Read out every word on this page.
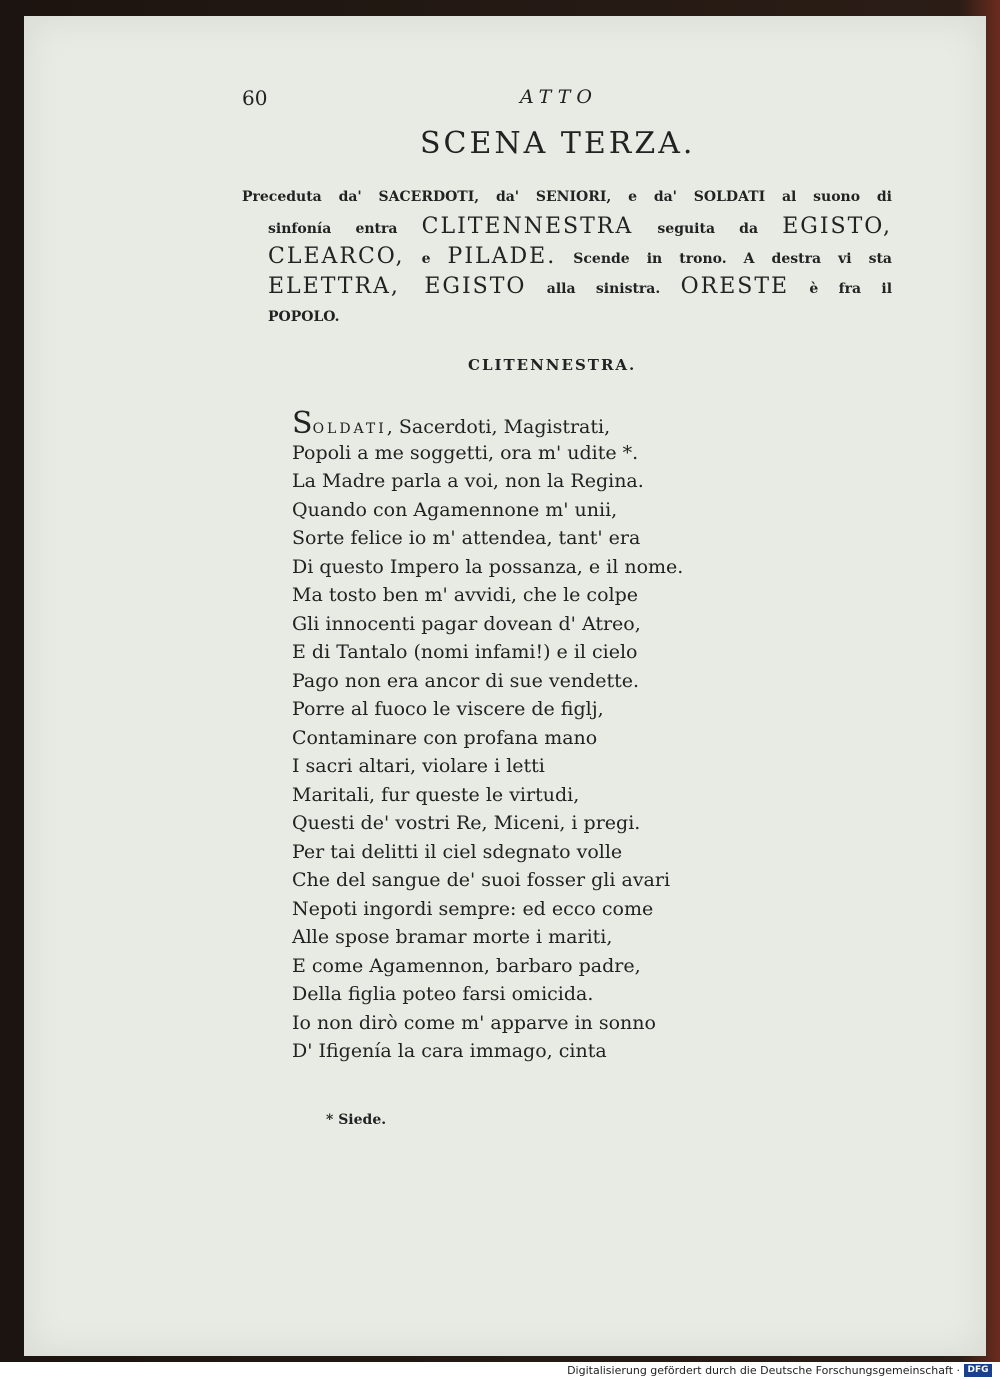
60	ATTO
SCENA TERZA.
Preceduta da' SACERDOTI, da' SENIORI, e da' SOLDATI al suono di
sinfonía entra CLITENNESTRA seguita da EGISTO,
CLEARCO, e PILADE. Scende in trono. A destra vi sta
ELETTRA, EGISTO alla sinistra. ORESTE è fra il
POPOLO.
CLITENNESTRA.
SOLDATI, Sacerdoti, Magistrati,
Popoli a me soggetti, ora m' udite *.
La Madre parla a voi, non la Regina.
Quando con Agamennone m' unii,
Sorte felice io m' attendea, tant' era
Di questo Impero la possanza, e il nome.
Ma tosto ben m' avvidi, che le colpe
Gli innocenti pagar dovean d' Atreo,
E di Tantalo (nomi infami!) e il cielo
Pago non era ancor di sue vendette.
Porre al fuoco le viscere de figlj,
Contaminare con profana mano
I sacri altari, violare i letti
Maritali, fur queste le virtudi,
Questi de' vostri Re, Miceni, i pregi.
Per tai delitti il ciel sdegnato volle
Che del sangue de' suoi fosser gli avari
Nepoti ingordi sempre: ed ecco come
Alle spose bramar morte i mariti,
E come Agamennon, barbaro padre,
Della figlia poteo farsi omicida.
Io non dirò come m' apparve in sonno
D' Ifigenía la cara immago, cinta
* Siede.
Digitalisierung gefördert durch die Deutsche Forschungsgemeinschaft · DFG
